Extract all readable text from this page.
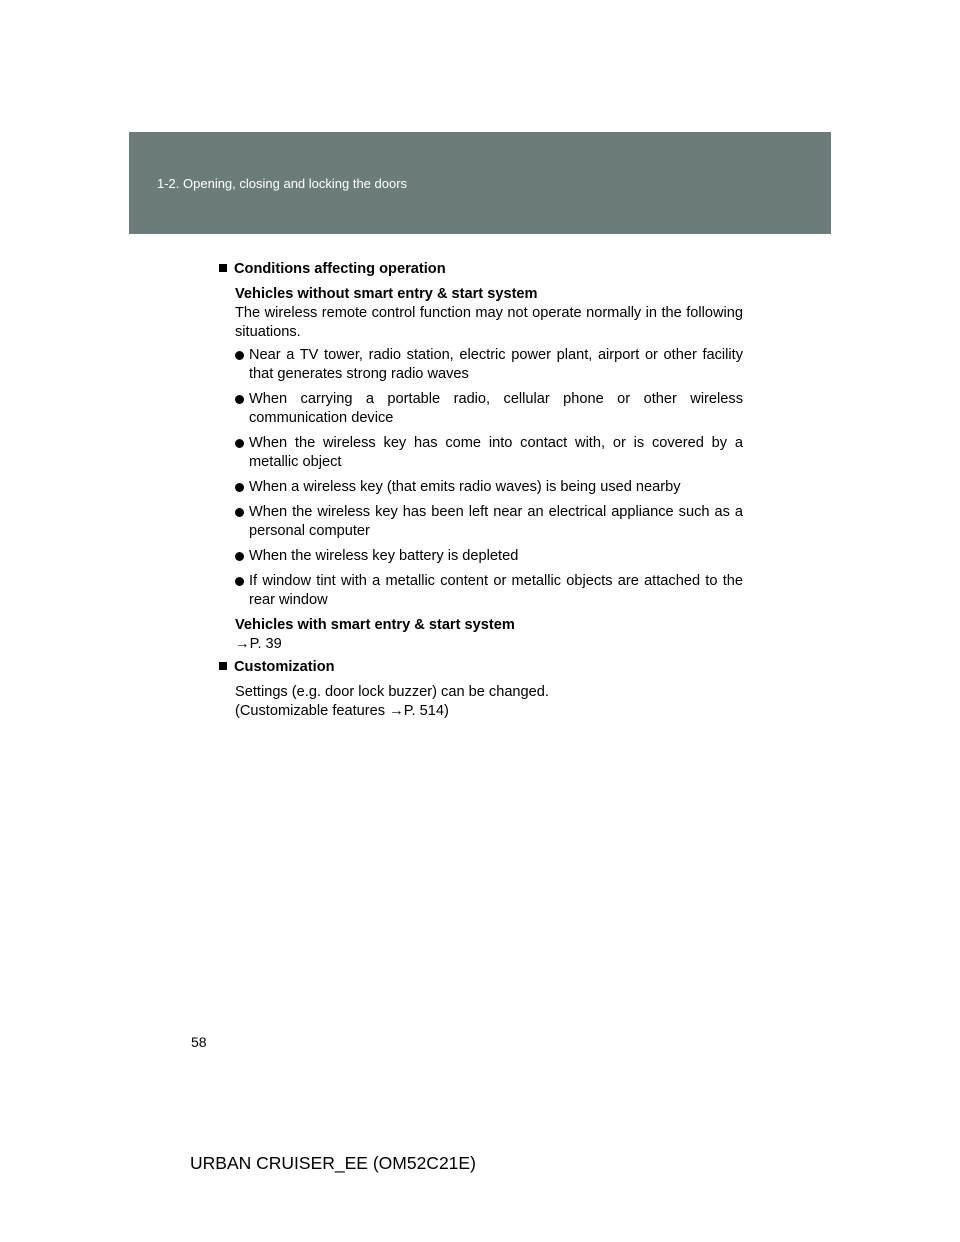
1-2. Opening, closing and locking the doors
Conditions affecting operation
Vehicles without smart entry & start system
The wireless remote control function may not operate normally in the following situations.
Near a TV tower, radio station, electric power plant, airport or other facility that generates strong radio waves
When carrying a portable radio, cellular phone or other wireless communication device
When the wireless key has come into contact with, or is covered by a metallic object
When a wireless key (that emits radio waves) is being used nearby
When the wireless key has been left near an electrical appliance such as a personal computer
When the wireless key battery is depleted
If window tint with a metallic content or metallic objects are attached to the rear window
Vehicles with smart entry & start system
→P. 39
Customization
Settings (e.g. door lock buzzer) can be changed.
(Customizable features →P. 514)
58
URBAN CRUISER_EE (OM52C21E)
